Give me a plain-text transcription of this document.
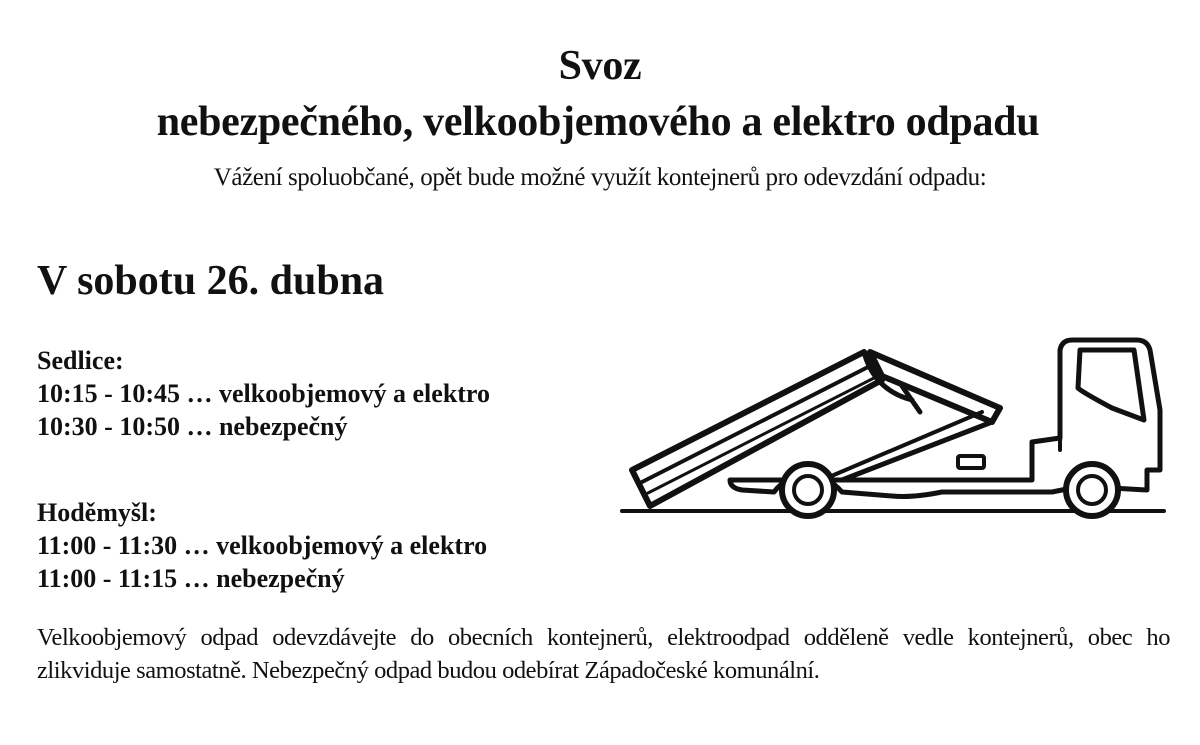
Svoz
nebezpečného, velkoobjemového a elektro odpadu
Vážení spoluobčané, opět bude možné využít kontejnerů pro odevzdání odpadu:
V sobotu 26. dubna
Sedlice:
10:15 - 10:45 … velkoobjemový a elektro
10:30 - 10:50 … nebezpečný
Hoděmyšl:
11:00 - 11:30 … velkoobjemový a elektro
11:00 - 11:15 … nebezpečný
Velkoobjemový odpad odevzdávejte do obecních kontejnerů, elektroodpad odděleně vedle kontejnerů, obec ho zlikviduje samostatně. Nebezpečný odpad budou odebírat Západočeské komunální.
